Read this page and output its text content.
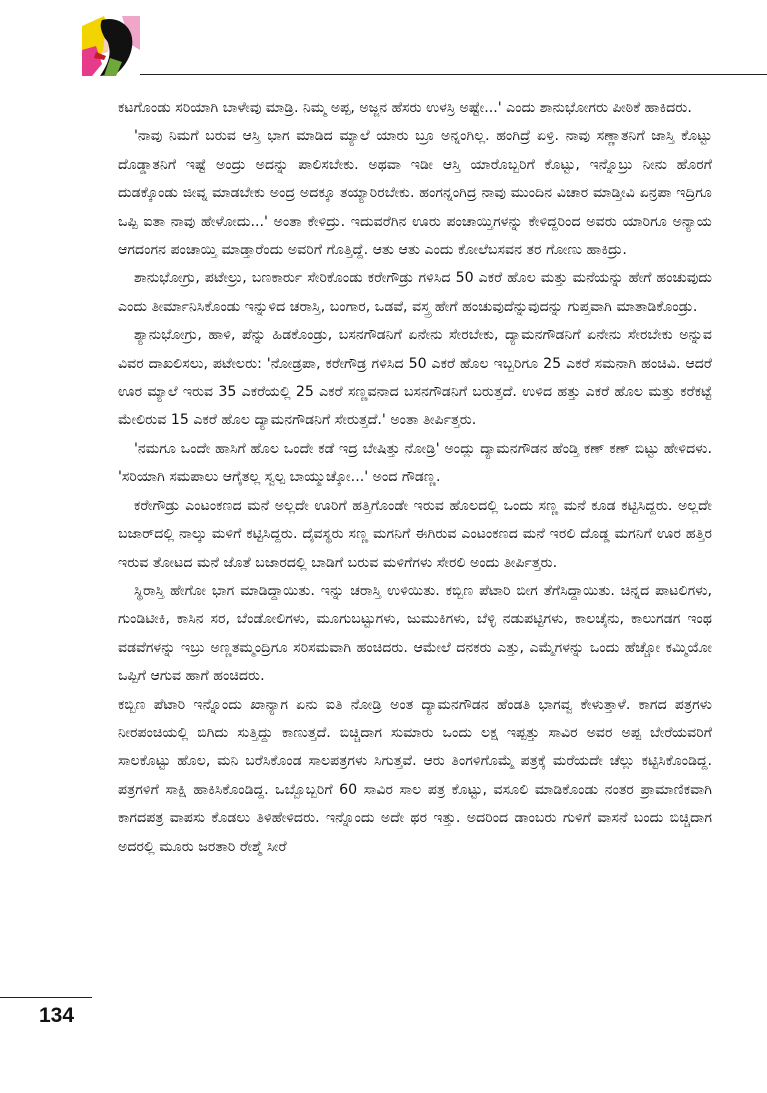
ಕಟಗೊಂಡು ಸರಿಯಾಗಿ ಬಾಳೇವು ಮಾಡ್ರಿ. ನಿಮ್ಮ ಅಪ್ಪ, ಅಜ್ಜನ ಹೆಸರು ಉಳಸ್ರಿ ಅಷ್ಟೇ...' ಎಂದು ಶಾನುಭೋಗರು ಪೀಠಿಕೆ ಹಾಕಿದರು.

'ನಾವು ನಿಮಗೆ ಬರುವ ಆಸ್ತಿ ಭಾಗ ಮಾಡಿದ ಮ್ಯಾಲೆ ಯಾರು ಬ್ರೂ ಅನ್ನಂಗಿಲ್ಲ. ಹಂಗಿದ್ರೆ ಏಳ್ರಿ. ನಾವು ಸಣ್ಣಾತನಿಗೆ ಜಾಸ್ತಿ ಕೊಟ್ಟು ದೊಡ್ಡಾತನಿಗೆ ಇಷ್ಟೆ ಅಂದ್ರು ಅದನ್ನು ಪಾಲಿಸಬೇಕು. ಅಥವಾ ಇಡೀ ಆಸ್ತಿ ಯಾರೊಬ್ಬರಿಗೆ ಕೊಟ್ಟು, ಇನ್ನೊಬ್ರು ನೀನು ಹೊರಗೆ ದುಡಕ್ಕೊಂಡು ಜೀವ್ನ ಮಾಡಬೇಕು ಅಂದ್ರ ಅದಕ್ಕೂ ತಯ್ಯಾರಿರಬೇಕು. ಹಂಗನ್ನಂಗಿದ್ರ ನಾವು ಮುಂದಿನ ವಿಚಾರ ಮಾಡ್ತೀವಿ ಏನ್ರಪಾ ಇದ್ರಿಗೂ ಒಪ್ಪಿ ಐತಾ ನಾವು ಹೇಳೋದು...' ಅಂತಾ ಕೇಳಿದ್ರು. ಇದುವರೆಗಿನ ಊರು ಪಂಚಾಯ್ತಿಗಳನ್ನು ಕೇಳಿದ್ದರಿಂದ ಅವರು ಯಾರಿಗೂ ಅನ್ಯಾಯ ಆಗದಂಗನ ಪಂಚಾಯ್ತಿ ಮಾಡ್ತಾರೆಂದು ಅವರಿಗೆ ಗೊತ್ತಿದ್ದೆ. ಆತು ಆತು ಎಂದು ಕೋಲೆಬಸವನ ತರ ಗೋಣು ಹಾಕಿದ್ರು.

ಶಾನುಭೋಗ್ರು, ಪಟೇಲ್ರು, ಬಣಕಾರ್ರು ಸೇರಿಕೊಂಡು ಕರೇಗೌಡ್ರು ಗಳಿಸಿದ 50 ಎಕರೆ ಹೊಲ ಮತ್ತು ಮನೆಯನ್ನು ಹೇಗೆ ಹಂಚುವುದು ಎಂದು ತೀರ್ಮಾನಿಸಿಕೊಂಡು ಇನ್ನುಳಿದ ಚರಾಸ್ತಿ, ಬಂಗಾರ, ಒಡವೆ, ವಸ್ತ್ರ ಹೇಗೆ ಹಂಚುವುದೆನ್ನುವುದನ್ನು ಗುಪ್ತವಾಗಿ ಮಾತಾಡಿಕೊಂಡ್ರು.

ಶ್ಯಾನುಭೋಗ್ರು, ಹಾಳಿ, ಪೆನ್ನು ಹಿಡಕೊಂಡ್ರು, ಬಸನಗೌಡನಿಗೆ ಏನೇನು ಸೇರಬೇಕು, ದ್ಯಾಮನಗೌಡನಿಗೆ ಏನೇನು ಸೇರಬೇಕು ಅನ್ನುವ ವಿವರ ದಾಖಲಿಸಲು, ಪಟೇಲರು: 'ನೋಡ್ರಪಾ, ಕರೇಗೌಡ್ರ ಗಳಿಸಿದ 50 ಎಕರೆ ಹೊಲ ಇಬ್ಬರಿಗೂ 25 ಎಕರೆ ಸಮನಾಗಿ ಹಂಚಿವಿ. ಆದರೆ ಊರ ಮ್ಯಾಲೆ ಇರುವ 35 ಎಕರೆಯಲ್ಲಿ 25 ಎಕರೆ ಸಣ್ಣವನಾದ ಬಸನಗೌಡನಿಗೆ ಬರುತ್ತದೆ. ಉಳಿದ ಹತ್ತು ಎಕರೆ ಹೊಲ ಮತ್ತು ಕರೆಕಟ್ಟೆ ಮೇಲಿರುವ 15 ಎಕರೆ ಹೊಲ ದ್ಯಾಮನಗೌಡನಿಗೆ ಸೇರುತ್ತದೆ.' ಅಂತಾ ತೀರ್ಪಿತ್ತರು.

'ನಮಗೂ ಒಂದೇ ಹಾಸಿಗೆ ಹೊಲ ಒಂದೇ ಕಡೆ ಇದ್ರ ಬೇಷಿತ್ತು ನೋಡ್ರಿ' ಅಂದ್ಲು ದ್ಯಾಮನಗೌಡನ ಹೆಂಡ್ತಿ ಕಣ್ ಕಣ್ ಬಿಟ್ಟು ಹೇಳಿದಳು. 'ಸರಿಯಾಗಿ ಸಮಪಾಲು ಆಗೈತಲ್ಲ ಸ್ವಲ್ಪ ಬಾಯ್ಮುಚ್ಕೋ...' ಅಂದ ಗೌಡಣ್ಣ.

ಕರೇಗೌಡ್ರು ಎಂಟಂಕಣದ ಮನೆ ಅಲ್ಲದೇ ಊರಿಗೆ ಹತ್ತಿಗೊಂಡೇ ಇರುವ ಹೊಲದಲ್ಲಿ ಒಂದು ಸಣ್ಣ ಮನೆ ಕೂಡ ಕಟ್ಟಿಸಿದ್ದರು. ಅಲ್ಲದೇ ಬಜಾರ್‌ದಲ್ಲಿ ನಾಲ್ಕು ಮಳಿಗೆ ಕಟ್ಟಿಸಿದ್ದರು. ದೈವಸ್ಥರು ಸಣ್ಣ ಮಗನಿಗೆ ಈಗಿರುವ ಎಂಟಂಕಣದ ಮನೆ ಇರಲಿ ದೊಡ್ಡ ಮಗನಿಗೆ ಊರ ಹತ್ತಿರ ಇರುವ ತೋಟದ ಮನೆ ಜೊತೆ ಬಜಾರದಲ್ಲಿ ಬಾಡಿಗೆ ಬರುವ ಮಳಿಗೆಗಳು ಸೇರಲಿ ಅಂದು ತೀರ್ಪಿತ್ತರು.

ಸ್ಥಿರಾಸ್ತಿ ಹೇಗೋ ಭಾಗ ಮಾಡಿದ್ದಾಯಿತು. ಇನ್ನು ಚರಾಸ್ತಿ ಉಳಿಯಿತು. ಕಬ್ಬಿಣ ಪೆಟಾರಿ ಬೀಗ ತೆಗೆಸಿದ್ದಾಯಿತು. ಚಿನ್ನದ ಪಾಟಲಿಗಳು, ಗುಂಡಿಟೀಕಿ, ಕಾಸಿನ ಸರ, ಬೆಂಡೋಲಿಗಳು, ಮೂಗುಬಟ್ಟುಗಳು, ಜುಮುಕಿಗಳು, ಬೆಳ್ಳಿ ನಡುಪಟ್ಟಿಗಳು, ಕಾಲಚೈನು, ಕಾಲುಗಡಗ ಇಂಥ ವಡವೆಗಳನ್ನು ಇಬ್ರು ಅಣ್ಣತಮ್ಮಂದ್ರಿಗೂ ಸರಿಸಮವಾಗಿ ಹಂಚಿದರು. ಆಮೇಲೆ ದನಕರು ಎತ್ತು, ಎಮ್ಮೆಗಳನ್ನು ಒಂದು ಹೆಚ್ಚೋ ಕಮ್ಮಿಯೋ ಒಪ್ಪಿಗೆ ಆಗುವ ಹಾಗೆ ಹಂಚಿದರು.

ಕಬ್ಬಿಣ ಪೆಟಾರಿ ಇನ್ನೊಂದು ಖಾನ್ಯಾಗ ಏನು ಐತಿ ನೋಡ್ರಿ ಅಂತ ದ್ಯಾಮನಗೌಡನ ಹೆಂಡತಿ ಭಾಗವ್ವ ಕೇಳುತ್ತಾಳೆ. ಕಾಗದ ಪತ್ರಗಳು ನೀರಪಂಚಿಯಲ್ಲಿ ಬಿಗಿದು ಸುತ್ತಿದ್ದು ಕಾಣುತ್ತದೆ. ಬಿಚ್ಚಿದಾಗ ಸುಮಾರು ಒಂದು ಲಕ್ಷ ಇಪ್ಪತ್ತು ಸಾವಿರ ಅವರ ಅಪ್ಪ ಬೇರೆಯವರಿಗೆ ಸಾಲಕೊಟ್ಟು ಹೊಲ, ಮನಿ ಬರೆಸಿಕೊಂಡ ಸಾಲಪತ್ರಗಳು ಸಿಗುತ್ತವೆ. ಆರು ತಿಂಗಳಿಗೊಮ್ಮೆ ಪತ್ರಕ್ಕೆ ಮರೆಯದೇ ಚೆಲ್ಲು ಕಟ್ಟಿಸಿಕೊಂಡಿದ್ದ. ಪತ್ರಗಳಿಗೆ ಸಾಕ್ಷಿ ಹಾಕಿಸಿಕೊಂಡಿದ್ದ. ಒಬ್ಬೊಬ್ಬರಿಗೆ 60 ಸಾವಿರ ಸಾಲ ಪತ್ರ ಕೊಟ್ಟು, ವಸೂಲಿ ಮಾಡಿಕೊಂಡು ನಂತರ ಪ್ರಾಮಾಣಿಕವಾಗಿ ಕಾಗದಪತ್ರ ವಾಪಸು ಕೊಡಲು ತಿಳಿಹೇಳಿದರು. ಇನ್ನೊಂದು ಅದೇ ಥರ ಇತ್ತು. ಅದರಿಂದ ಡಾಂಬರು ಗುಳಿಗೆ ವಾಸನೆ ಬಂದು ಬಿಚ್ಚಿದಾಗ ಅದರಲ್ಲಿ ಮೂರು ಜರತಾರಿ ರೇಶ್ಮೆ ಸೀರೆ

134
